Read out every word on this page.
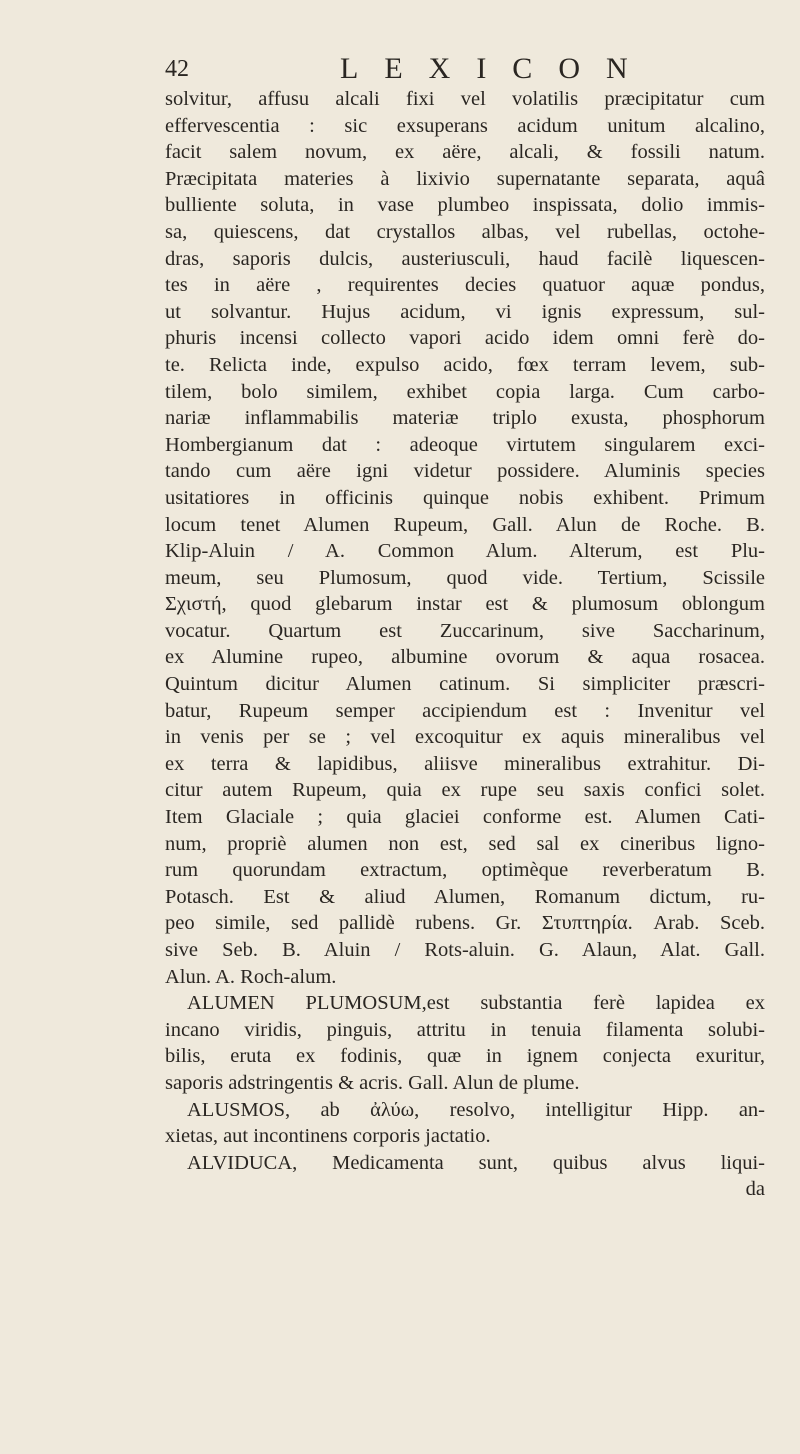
42	LEXICON
solvitur, affusu alcali fixi vel volatilis præcipitatur cum
effervescentia : sic exsuperans acidum unitum alcalino,
facit salem novum, ex aëre, alcali, & fossili natum.
Præcipitata materies à lixivio supernatante separata, aquâ
bulliente soluta, in vase plumbeo inspissata, dolio immis-
sa, quiescens, dat crystallos albas, vel rubellas, octohe-
dras, saporis dulcis, austeriusculi, haud facilè liquescen-
tes in aëre , requirentes decies quatuor aquæ pondus,
ut solvantur. Hujus acidum, vi ignis expressum, sul-
phuris incensi collecto vapori acido idem omni ferè do-
te. Relicta inde, expulso acido, fœx terram levem, sub-
tilem, bolo similem, exhibet copia larga. Cum carbo-
nariæ inflammabilis materiæ triplo exusta, phosphorum
Hombergianum dat : adeoque virtutem singularem exci-
tando cum aëre igni videtur possidere. Aluminis species
usitatiores in officinis quinque nobis exhibent. Primum
locum tenet Alumen Rupeum, Gall. Alun de Roche. B.
Klip-Aluin / A. Common Alum. Alterum, est Plu-
meum, seu Plumosum, quod vide. Tertium, Scissile
Σχιστή, quod glebarum instar est & plumosum oblongum
vocatur. Quartum est Zuccarinum, sive Saccharinum,
ex Alumine rupeo, albumine ovorum & aqua rosacea.
Quintum dicitur Alumen catinum. Si simpliciter præscri-
batur, Rupeum semper accipiendum est : Invenitur vel
in venis per se ; vel excoquitur ex aquis mineralibus vel
ex terra & lapidibus, aliisve mineralibus extrahitur. Di-
citur autem Rupeum, quia ex rupe seu saxis confici solet.
Item Glaciale ; quia glaciei conforme est. Alumen Cati-
num, propriè alumen non est, sed sal ex cineribus ligno-
rum quorundam extractum, optimèque reverberatum B.
Potasch. Est & aliud Alumen, Romanum dictum, ru-
peo simile, sed pallidè rubens. Gr. Στυπτηρία. Arab. Sceb.
sive Seb. B. Aluin / Rots-aluin. G. Alaun, Alat. Gall.
Alun. A. Roch-alum.
ALUMEN PLUMOSUM,est substantia ferè lapidea ex
incano viridis, pinguis, attritu in tenuia filamenta solubi-
bilis, eruta ex fodinis, quæ in ignem conjecta exuritur,
saporis adstringentis & acris. Gall. Alun de plume.
ALUSMOS, ab ἀλύω, resolvo, intelligitur Hipp. an-
xietas, aut incontinens corporis jactatio.
ALVIDUCA, Medicamenta sunt, quibus alvus liqui-
da
